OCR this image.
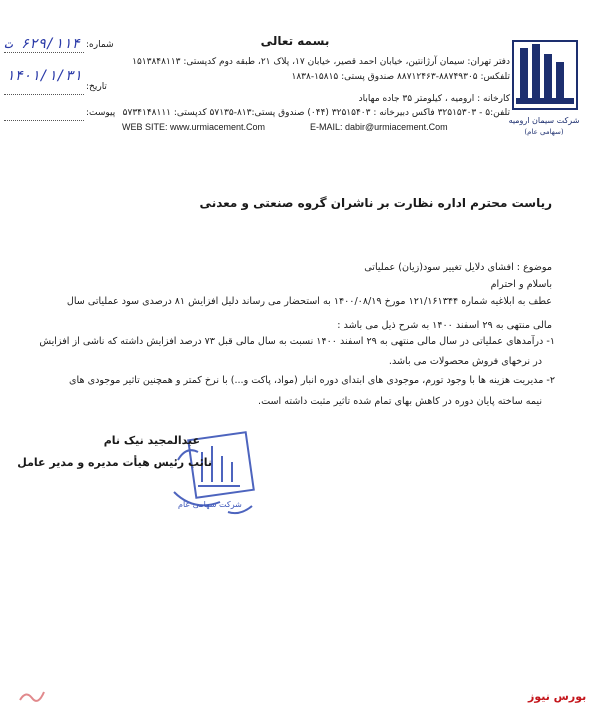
بسمه تعالی
دفتر تهران: سیمان آرژانتین، خیابان احمد قصیر، خیابان ۱۷، پلاک ۲۱، طبقه دوم کدپستی: ۱۵۱۳۸۴۸۱۱۳
تلفکس: ۸۸۷۴۹۳۰۵-۸۸۷۱۲۴۶۳ صندوق پستی: ۱۵۸۱۵-۱۸۳۸
کارخانه : ارومیه ، کیلومتر ۳۵ جاده مهاباد
تلفن:۵ - ۳۲۵۱۵۳۰۳ فاکس دبیرخانه : ۳۲۵۱۵۴۰۳ (۰۴۴) صندوق پستی:۸۱۳-۵۷۱۳۵ کدپستی: ۵۷۳۴۱۴۸۱۱۱
WEB SITE: www.urmiacement.Com	E-MAIL: dabir@urmiacement.Com
شرکت سیمان ارومیه
(سهامی عام)
شماره:
۶۲۹/۱۱۴ ت
تاریخ:
۱۴۰۱/۱/۳۱
پیوست:
ریاست محترم اداره نظارت بر ناشران گروه صنعتی و معدنی
موضوع : افشای دلایل تغییر سود(زیان) عملیاتی
باسلام و احترام
عطف به ابلاغیه شماره ۱۲۱/۱۶۱۳۴۴ مورخ ۱۴۰۰/۰۸/۱۹ به استحضار می رساند دلیل افزایش ۸۱ درصدی سود عملیاتی سال
مالی منتهی به ۲۹ اسفند ۱۴۰۰ به شرح ذیل می باشد :
۱- درآمدهای عملیاتی در سال مالی منتهی به ۲۹ اسفند ۱۴۰۰ نسبت به سال مالی قبل ۷۳ درصد افزایش داشته که ناشی از افزایش
در نرخهای فروش محصولات می باشد.
۲- مدیریت هزینه ها با وجود تورم، موجودی های ابتدای دوره انبار (مواد، پاکت و...) با نرخ کمتر و همچنین تاثیر موجودی های
نیمه ساخته پایان دوره در کاهش بهای تمام شده تاثیر مثبت داشته است.
شرکت سهامی عام
عبدالمجید نیک نام
نائب رئیس هیأت مدیره و مدیر عامل
بورس نیوز
